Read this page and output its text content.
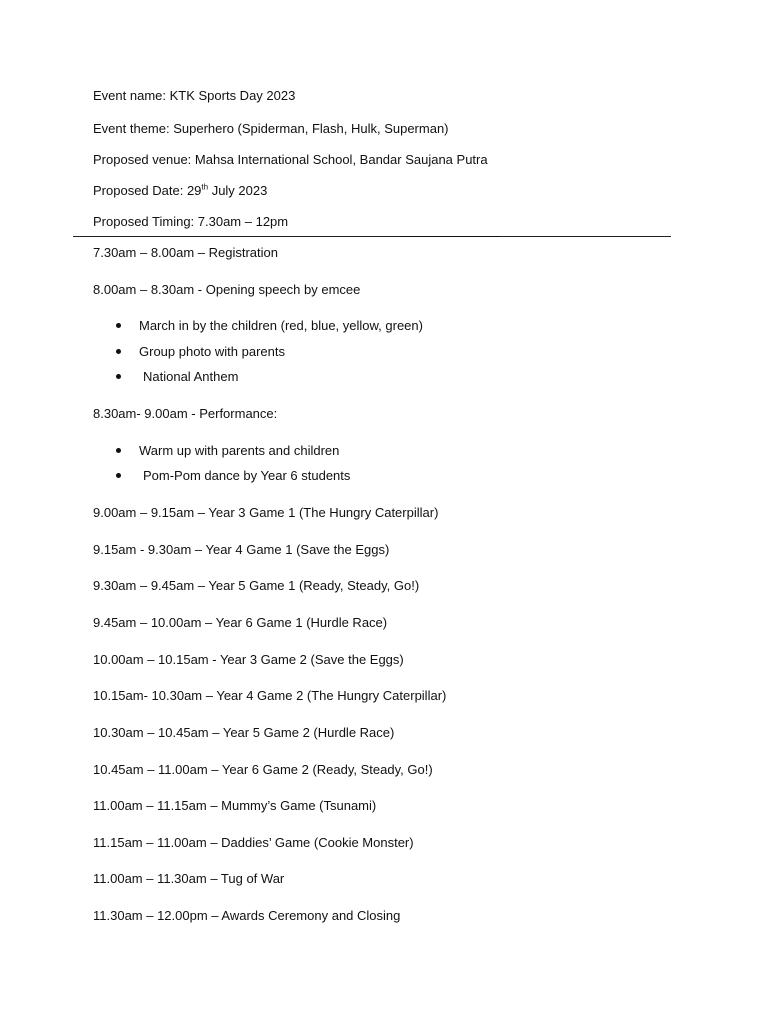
Event name: KTK Sports Day 2023
Event theme: Superhero (Spiderman, Flash, Hulk, Superman)
Proposed venue: Mahsa International School, Bandar Saujana Putra
Proposed Date: 29th July 2023
Proposed Timing: 7.30am – 12pm
7.30am – 8.00am – Registration
8.00am – 8.30am - Opening speech by emcee
March in by the children (red, blue, yellow, green)
Group photo with parents
National Anthem
8.30am- 9.00am - Performance:
Warm up with parents and children
Pom-Pom dance by Year 6 students
9.00am – 9.15am – Year 3 Game 1 (The Hungry Caterpillar)
9.15am - 9.30am – Year 4 Game 1 (Save the Eggs)
9.30am – 9.45am – Year 5 Game 1 (Ready, Steady, Go!)
9.45am – 10.00am – Year 6 Game 1 (Hurdle Race)
10.00am – 10.15am - Year 3 Game 2 (Save the Eggs)
10.15am- 10.30am – Year 4 Game 2 (The Hungry Caterpillar)
10.30am – 10.45am – Year 5 Game 2 (Hurdle Race)
10.45am – 11.00am – Year 6 Game 2 (Ready, Steady, Go!)
11.00am – 11.15am – Mummy’s Game (Tsunami)
11.15am – 11.00am – Daddies’ Game (Cookie Monster)
11.00am – 11.30am – Tug of War
11.30am – 12.00pm – Awards Ceremony and Closing
